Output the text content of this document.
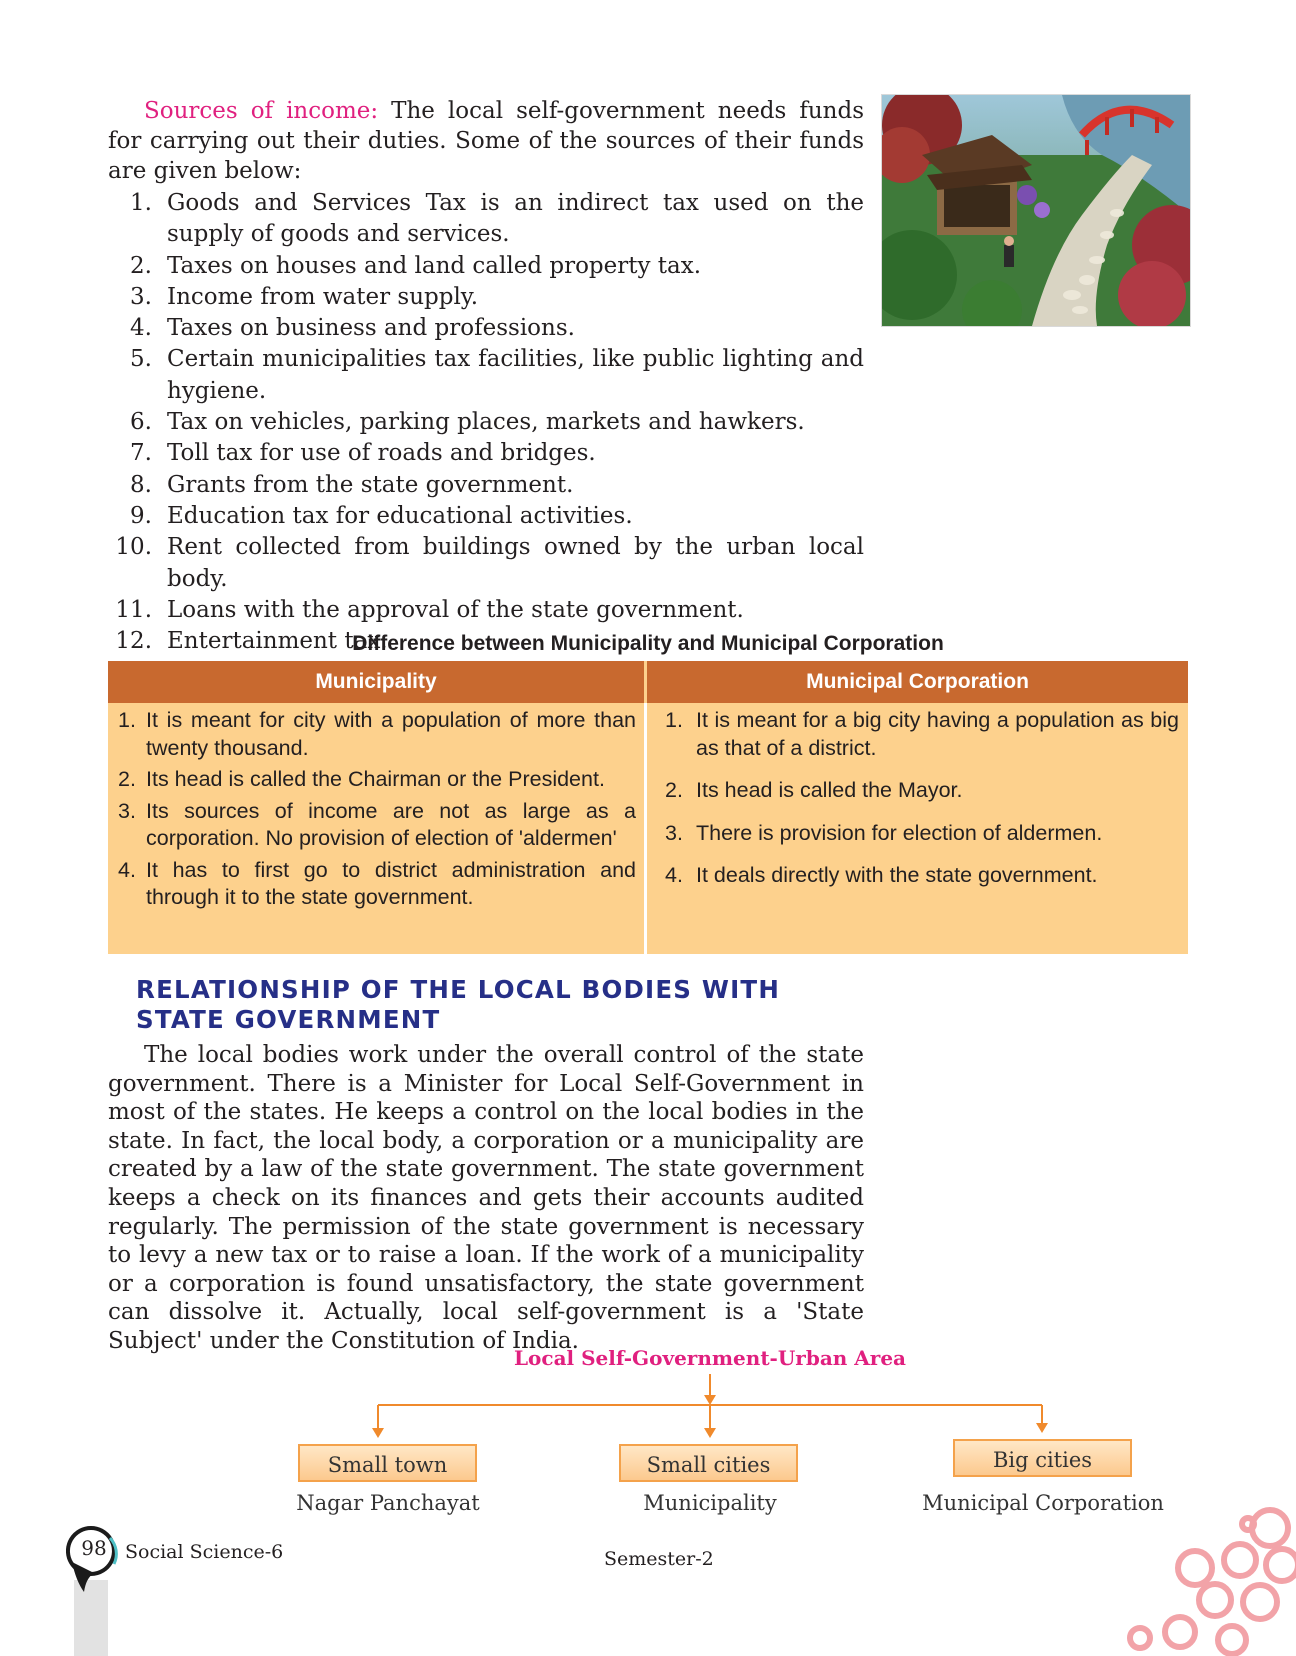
Sources of income: The local self-government needs funds for carrying out their duties. Some of the sources of their funds are given below:

1. Goods and Services Tax is an indirect tax used on the supply of goods and services.
2. Taxes on houses and land called property tax.
3. Income from water supply.
4. Taxes on business and professions.
5. Certain municipalities tax facilities, like public lighting and hygiene.
6. Tax on vehicles, parking places, markets and hawkers.
7. Toll tax for use of roads and bridges.
8. Grants from the state government.
9. Education tax for educational activities.
10. Rent collected from buildings owned by the urban local body.
11. Loans with the approval of the state government.
12. Entertainment tax.
Difference between Municipality and Municipal Corporation
Municipality	Municipal Corporation
1. It is meant for city with a population of more than twenty thousand.
2. Its head is called the Chairman or the President.
3. Its sources of income are not as large as a corporation. No provision of election of 'aldermen'
4. It has to first go to district administration and through it to the state government.
1. It is meant for a big city having a population as big as that of a district.
2. Its head is called the Mayor.
3. There is provision for election of aldermen.
4. It deals directly with the state government.
RELATIONSHIP OF THE LOCAL BODIES WITH STATE GOVERNMENT

The local bodies work under the overall control of the state government. There is a Minister for Local Self-Government in most of the states. He keeps a control on the local bodies in the state. In fact, the local body, a corporation or a municipality are created by a law of the state government. The state government keeps a check on its finances and gets their accounts audited regularly. The permission of the state government is necessary to levy a new tax or to raise a loan. If the work of a municipality or a corporation is found unsatisfactory, the state government can dissolve it. Actually, local self-government is a 'State Subject' under the Constitution of India.

Local Self-Government-Urban Area
Small town	Small cities	Big cities
Nagar Panchayat	Municipality	Municipal Corporation
98 Social Science-6	Semester-2
